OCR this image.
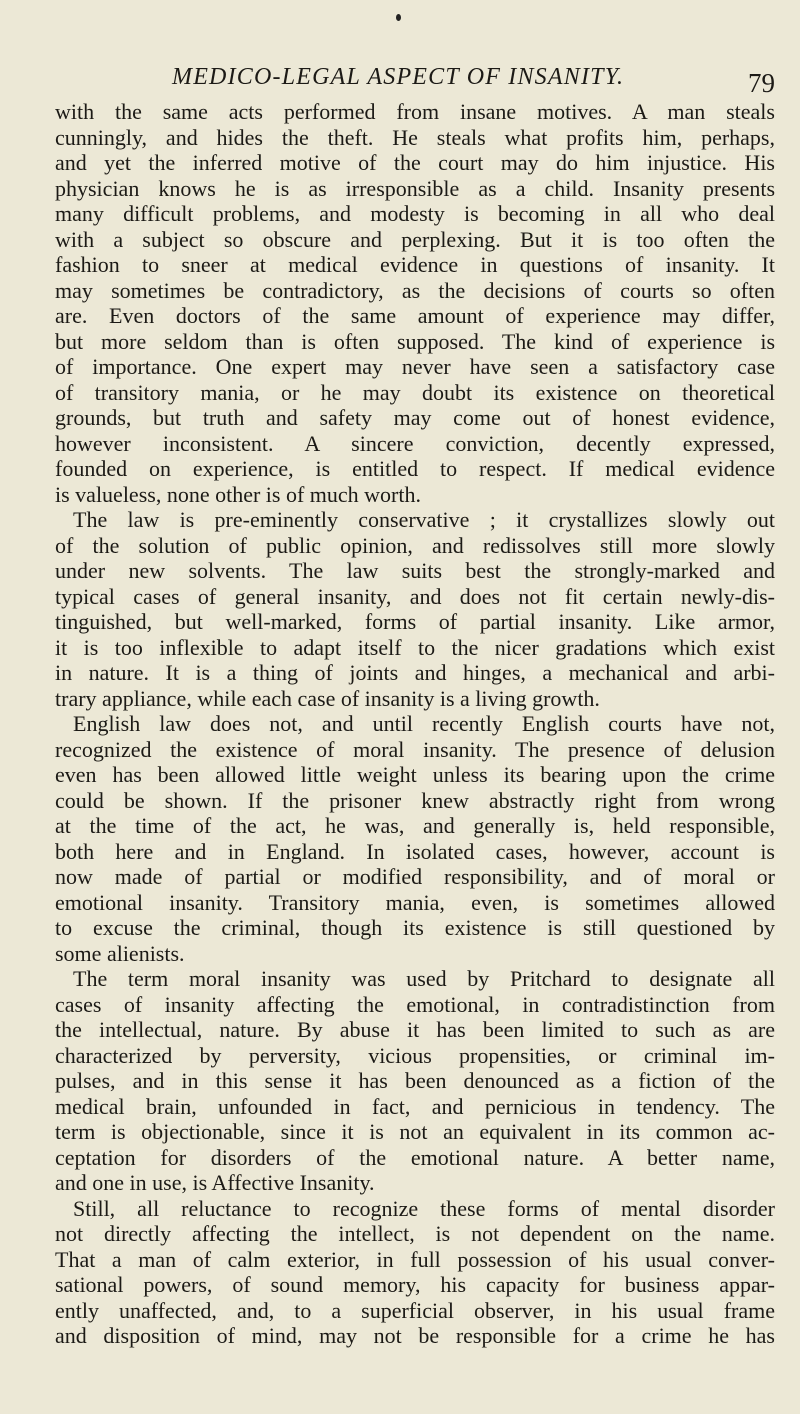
MEDICO-LEGAL ASPECT OF INSANITY.	79
with the same acts performed from insane motives. A man steals
cunningly, and hides the theft. He steals what profits him, perhaps,
and yet the inferred motive of the court may do him injustice. His
physician knows he is as irresponsible as a child. Insanity presents
many difficult problems, and modesty is becoming in all who deal
with a subject so obscure and perplexing. But it is too often the
fashion to sneer at medical evidence in questions of insanity. It
may sometimes be contradictory, as the decisions of courts so often
are. Even doctors of the same amount of experience may differ,
but more seldom than is often supposed. The kind of experience is
of importance. One expert may never have seen a satisfactory case
of transitory mania, or he may doubt its existence on theoretical
grounds, but truth and safety may come out of honest evidence,
however inconsistent. A sincere conviction, decently expressed,
founded on experience, is entitled to respect. If medical evidence
is valueless, none other is of much worth.
The law is pre-eminently conservative ; it crystallizes slowly out
of the solution of public opinion, and redissolves still more slowly
under new solvents. The law suits best the strongly-marked and
typical cases of general insanity, and does not fit certain newly-dis-
tinguished, but well-marked, forms of partial insanity. Like armor,
it is too inflexible to adapt itself to the nicer gradations which exist
in nature. It is a thing of joints and hinges, a mechanical and arbi-
trary appliance, while each case of insanity is a living growth.
English law does not, and until recently English courts have not,
recognized the existence of moral insanity. The presence of delusion
even has been allowed little weight unless its bearing upon the crime
could be shown. If the prisoner knew abstractly right from wrong
at the time of the act, he was, and generally is, held responsible,
both here and in England. In isolated cases, however, account is
now made of partial or modified responsibility, and of moral or
emotional insanity. Transitory mania, even, is sometimes allowed
to excuse the criminal, though its existence is still questioned by
some alienists.
The term moral insanity was used by Pritchard to designate all
cases of insanity affecting the emotional, in contradistinction from
the intellectual, nature. By abuse it has been limited to such as are
characterized by perversity, vicious propensities, or criminal im-
pulses, and in this sense it has been denounced as a fiction of the
medical brain, unfounded in fact, and pernicious in tendency. The
term is objectionable, since it is not an equivalent in its common ac-
ceptation for disorders of the emotional nature. A better name,
and one in use, is Affective Insanity.
Still, all reluctance to recognize these forms of mental disorder
not directly affecting the intellect, is not dependent on the name.
That a man of calm exterior, in full possession of his usual conver-
sational powers, of sound memory, his capacity for business appar-
ently unaffected, and, to a superficial observer, in his usual frame
and disposition of mind, may not be responsible for a crime he has
